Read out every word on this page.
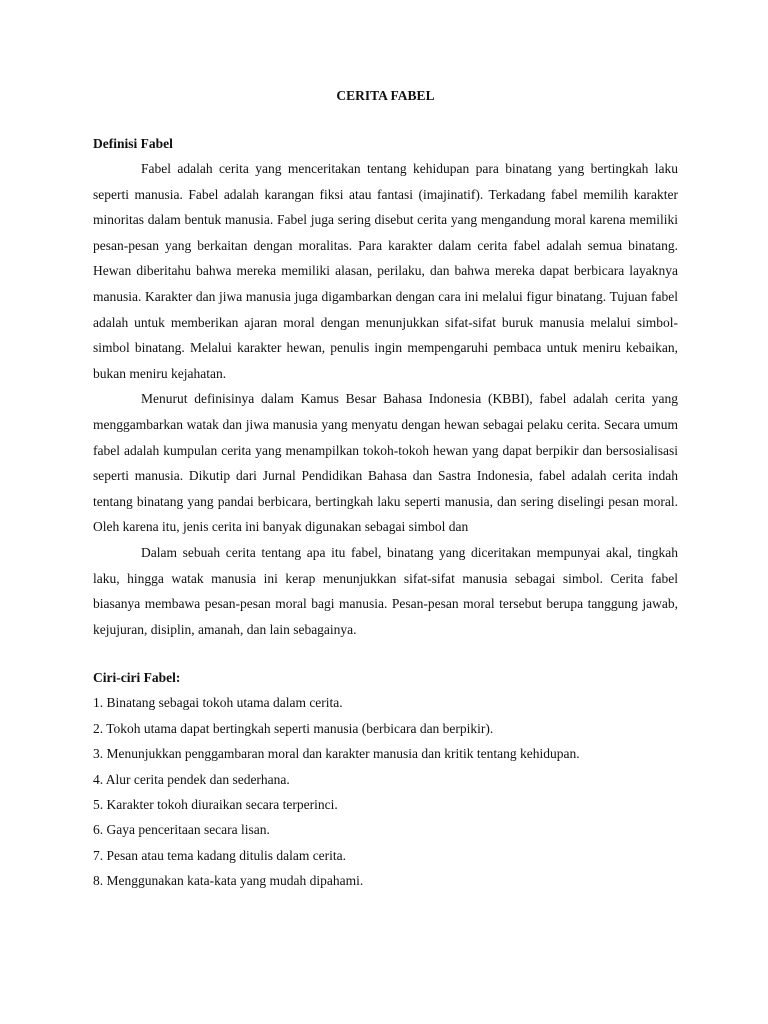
CERITA FABEL
Definisi Fabel

Fabel adalah cerita yang menceritakan tentang kehidupan para binatang yang bertingkah laku seperti manusia. Fabel adalah karangan fiksi atau fantasi (imajinatif). Terkadang fabel memilih karakter minoritas dalam bentuk manusia. Fabel juga sering disebut cerita yang mengandung moral karena memiliki pesan-pesan yang berkaitan dengan moralitas. Para karakter dalam cerita fabel adalah semua binatang. Hewan diberitahu bahwa mereka memiliki alasan, perilaku, dan bahwa mereka dapat berbicara layaknya manusia. Karakter dan jiwa manusia juga digambarkan dengan cara ini melalui figur binatang. Tujuan fabel adalah untuk memberikan ajaran moral dengan menunjukkan sifat-sifat buruk manusia melalui simbol-simbol binatang. Melalui karakter hewan, penulis ingin mempengaruhi pembaca untuk meniru kebaikan, bukan meniru kejahatan.

Menurut definisinya dalam Kamus Besar Bahasa Indonesia (KBBI), fabel adalah cerita yang menggambarkan watak dan jiwa manusia yang menyatu dengan hewan sebagai pelaku cerita. Secara umum fabel adalah kumpulan cerita yang menampilkan tokoh-tokoh hewan yang dapat berpikir dan bersosialisasi seperti manusia. Dikutip dari Jurnal Pendidikan Bahasa dan Sastra Indonesia, fabel adalah cerita indah tentang binatang yang pandai berbicara, bertingkah laku seperti manusia, dan sering diselingi pesan moral. Oleh karena itu, jenis cerita ini banyak digunakan sebagai simbol dan

Dalam sebuah cerita tentang apa itu fabel, binatang yang diceritakan mempunyai akal, tingkah laku, hingga watak manusia ini kerap menunjukkan sifat-sifat manusia sebagai simbol. Cerita fabel biasanya membawa pesan-pesan moral bagi manusia. Pesan-pesan moral tersebut berupa tanggung jawab, kejujuran, disiplin, amanah, dan lain sebagainya.

Ciri-ciri Fabel:
1. Binatang sebagai tokoh utama dalam cerita.
2. Tokoh utama dapat bertingkah seperti manusia (berbicara dan berpikir).
3. Menunjukkan penggambaran moral dan karakter manusia dan kritik tentang kehidupan.
4. Alur cerita pendek dan sederhana.
5. Karakter tokoh diuraikan secara terperinci.
6. Gaya penceritaan secara lisan.
7. Pesan atau tema kadang ditulis dalam cerita.
8. Menggunakan kata-kata yang mudah dipahami.
